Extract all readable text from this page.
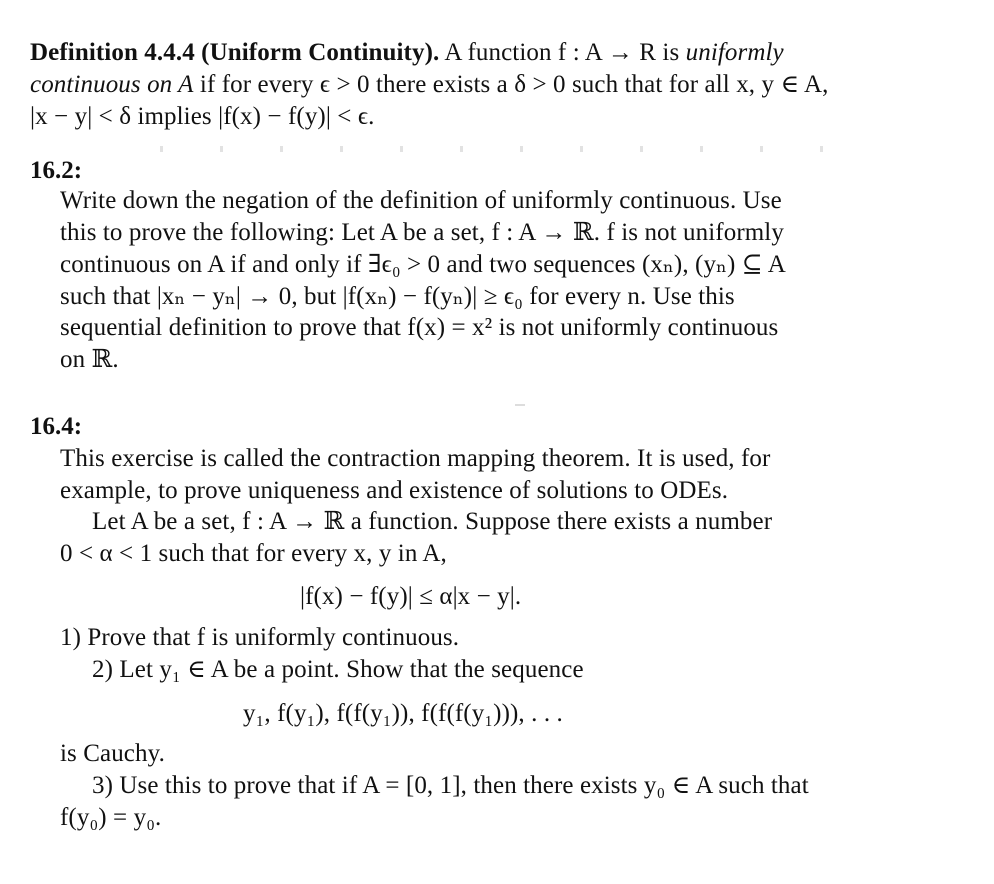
Definition 4.4.4 (Uniform Continuity). A function f : A → R is uniformly
continuous on A if for every ϵ > 0 there exists a δ > 0 such that for all x, y ∈ A,
|x − y| < δ implies |f(x) − f(y)| < ϵ.
16.2:
Write down the negation of the definition of uniformly continuous. Use
this to prove the following: Let A be a set, f : A → ℝ. f is not uniformly
continuous on A if and only if ∃ϵ₀ > 0 and two sequences (xₙ), (yₙ) ⊆ A
such that |xₙ − yₙ| → 0, but |f(xₙ) − f(yₙ)| ≥ ϵ₀ for every n. Use this
sequential definition to prove that f(x) = x² is not uniformly continuous
on ℝ.
16.4:
This exercise is called the contraction mapping theorem. It is used, for
example, to prove uniqueness and existence of solutions to ODEs.
Let A be a set, f : A → ℝ a function. Suppose there exists a number
0 < α < 1 such that for every x, y in A,
|f(x) − f(y)| ≤ α|x − y|.
1) Prove that f is uniformly continuous.
2) Let y₁ ∈ A be a point. Show that the sequence
y₁, f(y₁), f(f(y₁)), f(f(f(y₁))), . . .
is Cauchy.
3) Use this to prove that if A = [0, 1], then there exists y₀ ∈ A such that
f(y₀) = y₀.
